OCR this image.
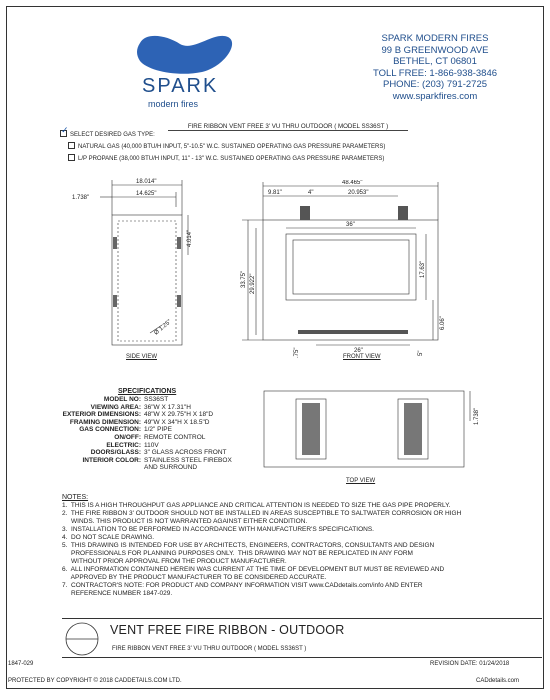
SPARK
modern fires
SPARK MODERN FIRES
99 B GREENWOOD AVE
BETHEL, CT 06801
TOLL FREE: 1-866-938-3846
PHONE: (203) 791-2725
www.sparkfires.com
FIRE RIBBON VENT FREE 3' VU THRU OUTDOOR ( MODEL SS36ST )
✓SELECT DESIRED GAS TYPE:
NATURAL GAS (40,000 BTU/H INPUT, 5"-10.5" W.C. SUSTAINED OPERATING GAS PRESSURE PARAMETERS)
L/P PROPANE (38,000 BTU/H INPUT, 11" - 13" W.C. SUSTAINED OPERATING GAS PRESSURE PARAMETERS)
18.014"
14.625"
1.738"
4.014"
Ø 1.25"
SIDE VIEW
48.465"
9.81"	4"	20.953"
36"
33.75" 29.922"
17.63"
6.06"
26"
.75"	5"
FRONT VIEW
SPECIFICATIONS
MODEL NO: SS36ST
VIEWING AREA: 36"W X 17.31"H
EXTERIOR DIMENSIONS: 48"W X 29.75"H X 18"D
FRAMING DIMENSION: 49"W X 34"H X 18.5"D
GAS CONNECTION: 1/2" PIPE
ON/OFF: REMOTE CONTROL
ELECTRIC: 110V
DOORS/GLASS: 3" GLASS ACROSS FRONT
INTERIOR COLOR: STAINLESS STEEL FIREBOX
AND SURROUND
1.738"
TOP VIEW
NOTES:
1.  THIS IS A HIGH THROUGHPUT GAS APPLIANCE AND CRITICAL ATTENTION IS NEEDED TO SIZE THE GAS PIPE PROPERLY.
2.  THE FIRE RIBBON 3' OUTDOOR SHOULD NOT BE INSTALLED IN AREAS SUSCEPTIBLE TO SALTWATER CORROSION OR HIGH
WINDS. THIS PRODUCT IS NOT WARRANTED AGAINST EITHER CONDITION.
3.  INSTALLATION TO BE PERFORMED IN ACCORDANCE WITH MANUFACTURER'S SPECIFICATIONS.
4.  DO NOT SCALE DRAWING.
5.  THIS DRAWING IS INTENDED FOR USE BY ARCHITECTS, ENGINEERS, CONTRACTORS, CONSULTANTS AND DESIGN
PROFESSIONALS FOR PLANNING PURPOSES ONLY.  THIS DRAWING MAY NOT BE REPLICATED IN ANY FORM
WITHOUT PRIOR APPROVAL FROM THE PRODUCT MANUFACTURER.
6.  ALL INFORMATION CONTAINED HEREIN WAS CURRENT AT THE TIME OF DEVELOPMENT BUT MUST BE REVIEWED AND
APPROVED BY THE PRODUCT MANUFACTURER TO BE CONSIDERED ACCURATE.
7.  CONTRACTOR'S NOTE: FOR PRODUCT AND COMPANY INFORMATION VISIT www.CADdetails.com/info AND ENTER
REFERENCE NUMBER 1847-029.
VENT FREE FIRE RIBBON - OUTDOOR
FIRE RIBBON VENT FREE 3' VU THRU OUTDOOR ( MODEL SS36ST )
1847-029	REVISION DATE: 01/24/2018
PROTECTED BY COPYRIGHT © 2018 CADDETAILS.COM LTD.	CADdetails.com
